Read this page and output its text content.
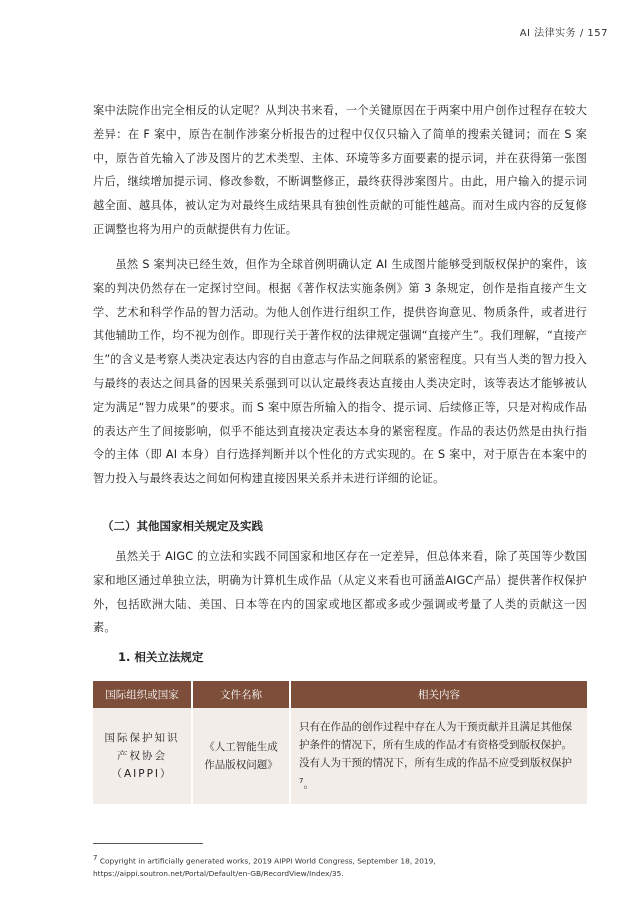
AI 法律实务 / 157

案中法院作出完全相反的认定呢？从判决书来看，一个关键原因在于两案中用户创作过程存在较大差异：在 F 案中，原告在制作涉案分析报告的过程中仅仅只输入了简单的搜索关键词；而在 S 案中，原告首先输入了涉及图片的艺术类型、主体、环境等多方面要素的提示词，并在获得第一张图片后，继续增加提示词、修改参数，不断调整修正，最终获得涉案图片。由此，用户输入的提示词越全面、越具体，被认定为对最终生成结果具有独创性贡献的可能性越高。而对生成内容的反复修正调整也将为用户的贡献提供有力佐证。

虽然 S 案判决已经生效，但作为全球首例明确认定 AI 生成图片能够受到版权保护的案件，该案的判决仍然存在一定探讨空间。根据《著作权法实施条例》第 3 条规定，创作是指直接产生文学、艺术和科学作品的智力活动。为他人创作进行组织工作，提供咨询意见、物质条件，或者进行其他辅助工作，均不视为创作。即现行关于著作权的法律规定强调“直接产生”。我们理解，“直接产生”的含义是考察人类决定表达内容的自由意志与作品之间联系的紧密程度。只有当人类的智力投入与最终的表达之间具备的因果关系强到可以认定最终表达直接由人类决定时，该等表达才能够被认定为满足“智力成果”的要求。而 S 案中原告所输入的指令、提示词、后续修正等，只是对构成作品的表达产生了间接影响，似乎不能达到直接决定表达本身的紧密程度。作品的表达仍然是由执行指令的主体（即 AI 本身）自行选择判断并以个性化的方式实现的。在 S 案中，对于原告在本案中的智力投入与最终表达之间如何构建直接因果关系并未进行详细的论证。

（二）其他国家相关规定及实践

虽然关于 AIGC 的立法和实践不同国家和地区存在一定差异，但总体来看，除了英国等少数国家和地区通过单独立法，明确为计算机生成作品（从定义来看也可涵盖AIGC产品）提供著作权保护外，包括欧洲大陆、美国、日本等在内的国家或地区都或多或少强调或考量了人类的贡献这一因素。

1. 相关立法规定
国际组织或国家	文件名称	相关内容
国际保护知识产权协会（AIPPI）	《人工智能生成作品版权问题》	只有在作品的创作过程中存在人为干预贡献并且满足其他保护条件的情况下，所有生成的作品才有资格受到版权保护。没有人为干预的情况下，所有生成的作品不应受到版权保护$^7$。
$^7$ Copyright in artificially generated works, 2019 AIPPI World Congress, September 18, 2019, https://aippi.soutron.net/Portal/Default/en-GB/RecordView/Index/35.
